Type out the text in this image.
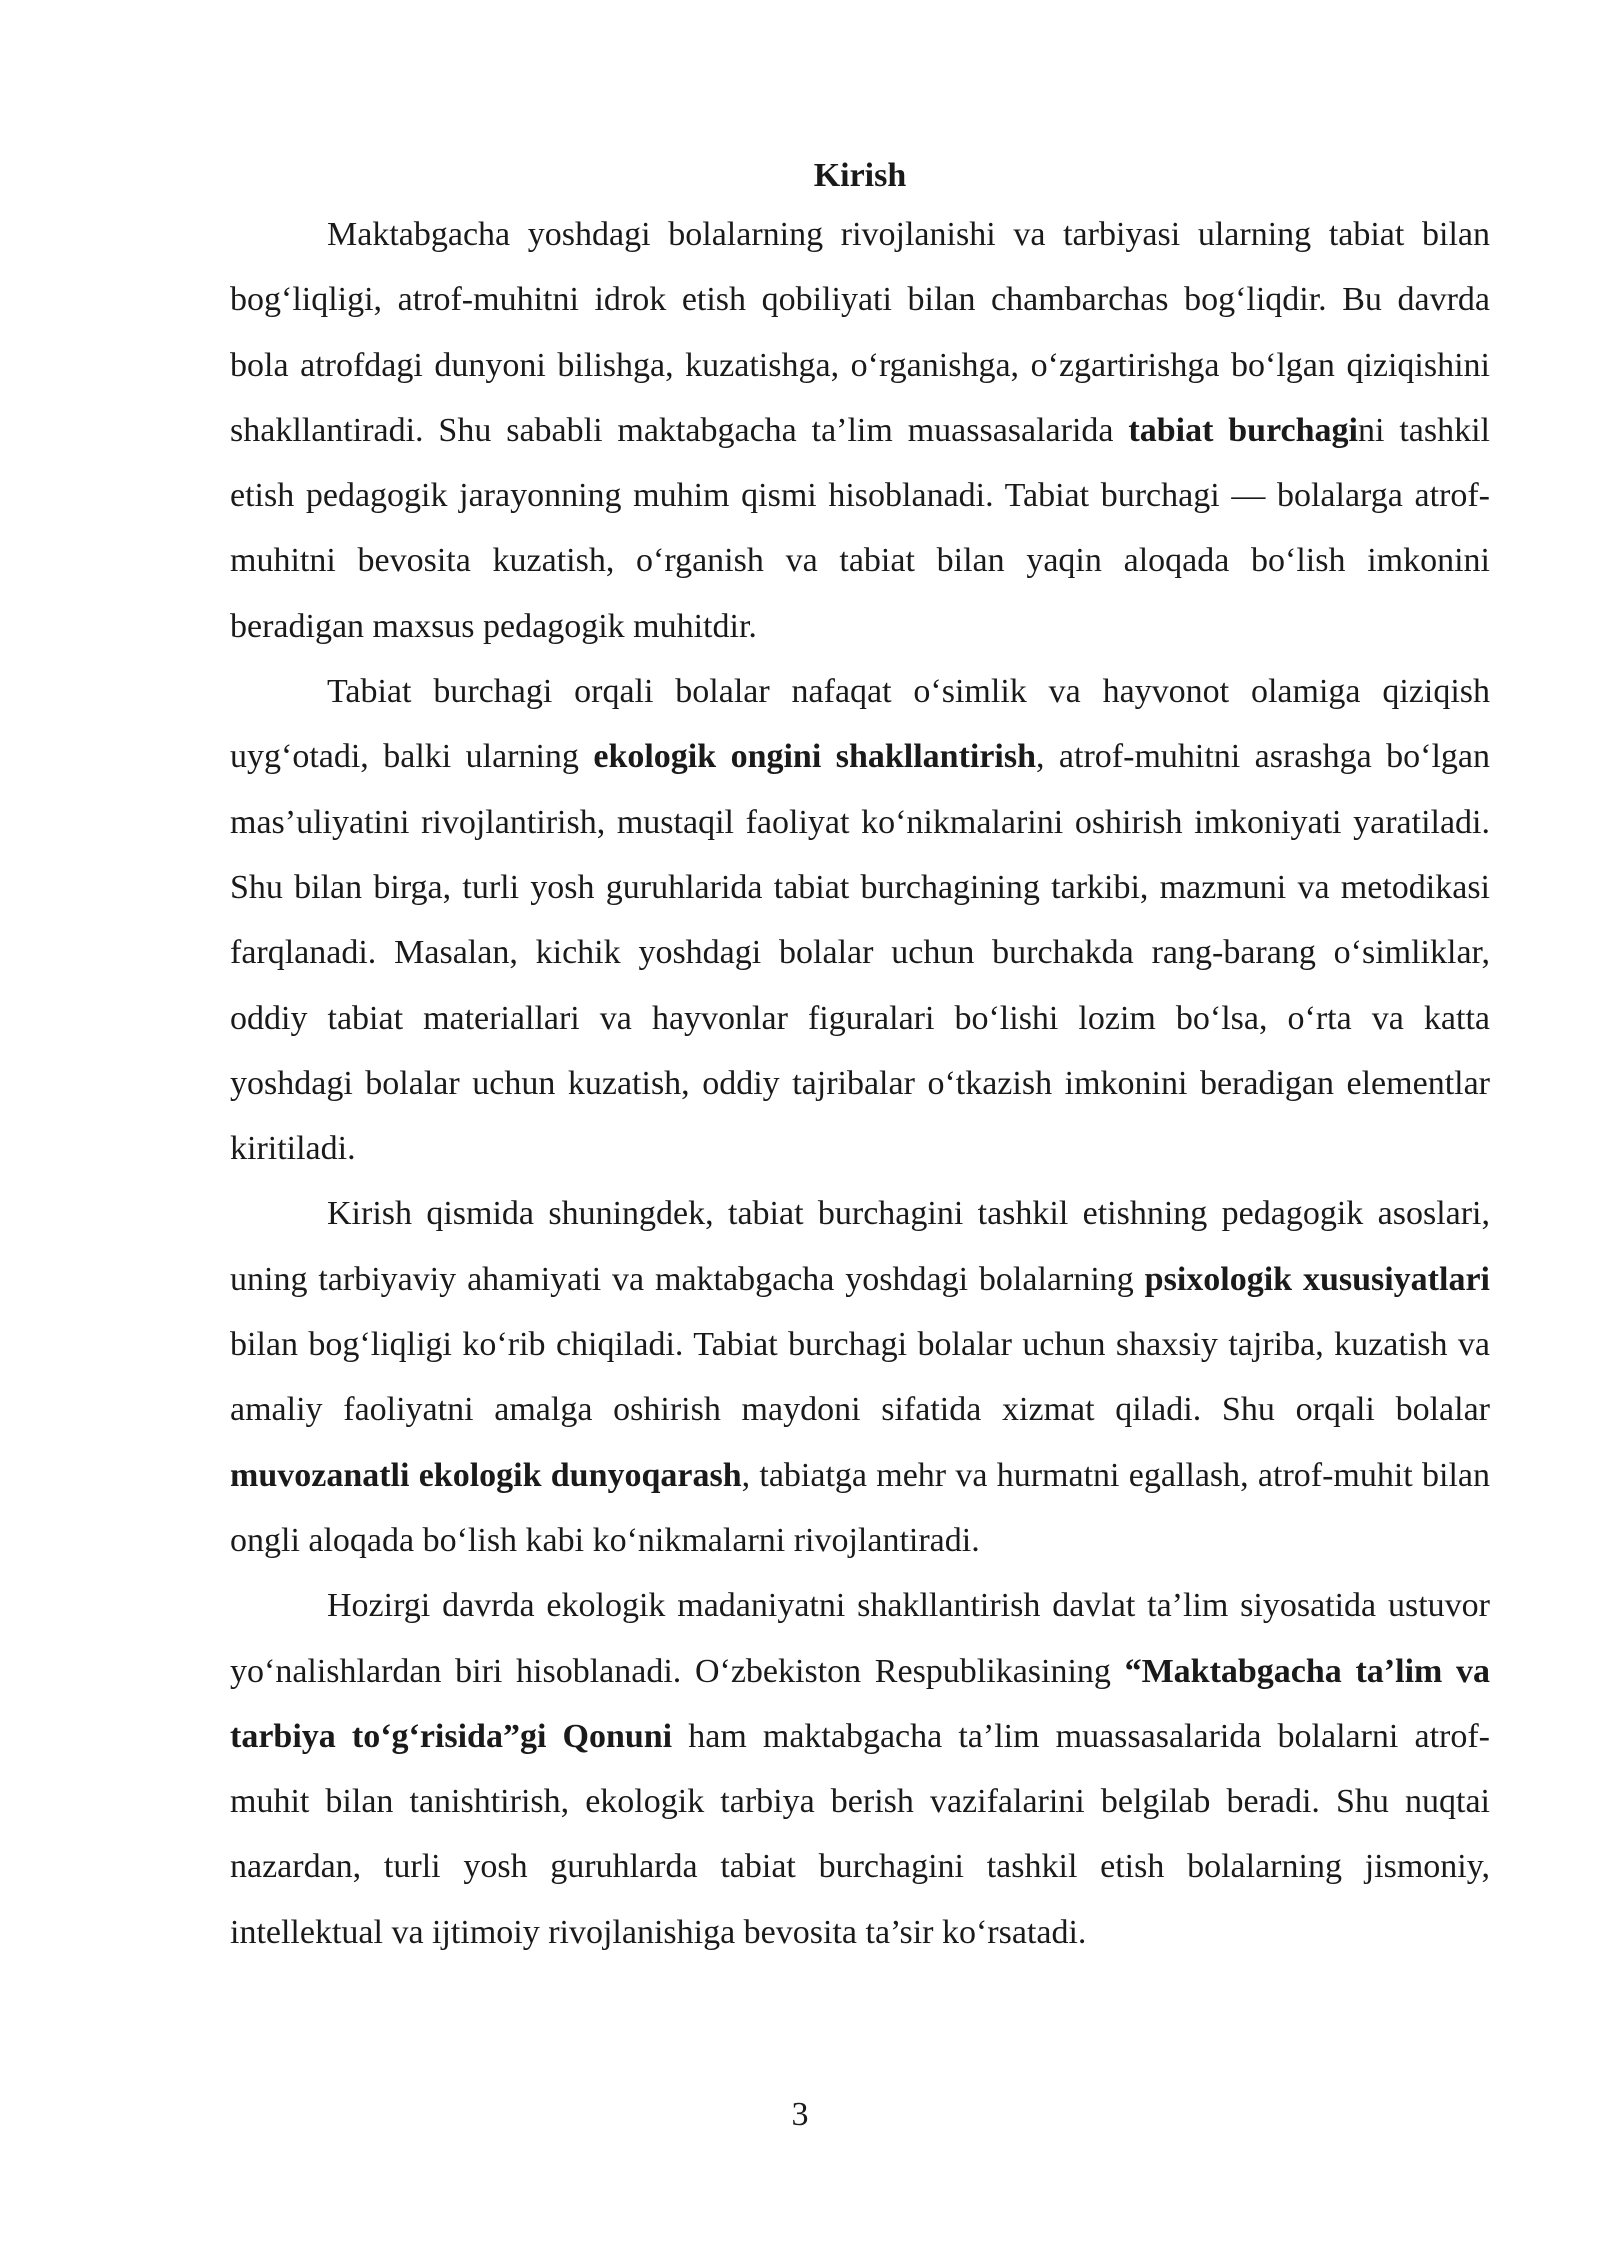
Kirish

Maktabgacha yoshdagi bolalarning rivojlanishi va tarbiyasi ularning tabiat bilan bog‘liqligi, atrof-muhitni idrok etish qobiliyati bilan chambarchas bog‘liqdir. Bu davrda bola atrofdagi dunyoni bilishga, kuzatishga, o‘rganishga, o‘zgartirishga bo‘lgan qiziqishini shakllantiradi. Shu sababli maktabgacha ta’lim muassasalarida tabiat burchagini tashkil etish pedagogik jarayonning muhim qismi hisoblanadi. Tabiat burchagi — bolalarga atrof-muhitni bevosita kuzatish, o‘rganish va tabiat bilan yaqin aloqada bo‘lish imkonini beradigan maxsus pedagogik muhitdir.

Tabiat burchagi orqali bolalar nafaqat o‘simlik va hayvonot olamiga qiziqish uyg‘otadi, balki ularning ekologik ongini shakllantirish, atrof-muhitni asrashga bo‘lgan mas’uliyatini rivojlantirish, mustaqil faoliyat ko‘nikmalarini oshirish imkoniyati yaratiladi. Shu bilan birga, turli yosh guruhlarida tabiat burchagining tarkibi, mazmuni va metodikasi farqlanadi. Masalan, kichik yoshdagi bolalar uchun burchakda rang-barang o‘simliklar, oddiy tabiat materiallari va hayvonlar figuralari bo‘lishi lozim bo‘lsa, o‘rta va katta yoshdagi bolalar uchun kuzatish, oddiy tajribalar o‘tkazish imkonini beradigan elementlar kiritiladi.

Kirish qismida shuningdek, tabiat burchagini tashkil etishning pedagogik asoslari, uning tarbiyaviy ahamiyati va maktabgacha yoshdagi bolalarning psixologik xususiyatlari bilan bog‘liqligi ko‘rib chiqiladi. Tabiat burchagi bolalar uchun shaxsiy tajriba, kuzatish va amaliy faoliyatni amalga oshirish maydoni sifatida xizmat qiladi. Shu orqali bolalar muvozanatli ekologik dunyoqarash, tabiatga mehr va hurmatni egallash, atrof-muhit bilan ongli aloqada bo‘lish kabi ko‘nikmalarni rivojlantiradi.

Hozirgi davrda ekologik madaniyatni shakllantirish davlat ta’lim siyosatida ustuvor yo‘nalishlardan biri hisoblanadi. O‘zbekiston Respublikasining “Maktabgacha ta’lim va tarbiya to‘g‘risida”gi Qonuni ham maktabgacha ta’lim muassasalarida bolalarni atrof-muhit bilan tanishtirish, ekologik tarbiya berish vazifalarini belgilab beradi. Shu nuqtai nazardan, turli yosh guruhlarda tabiat burchagini tashkil etish bolalarning jismoniy, intellektual va ijtimoiy rivojlanishiga bevosita ta’sir ko‘rsatadi.

3
